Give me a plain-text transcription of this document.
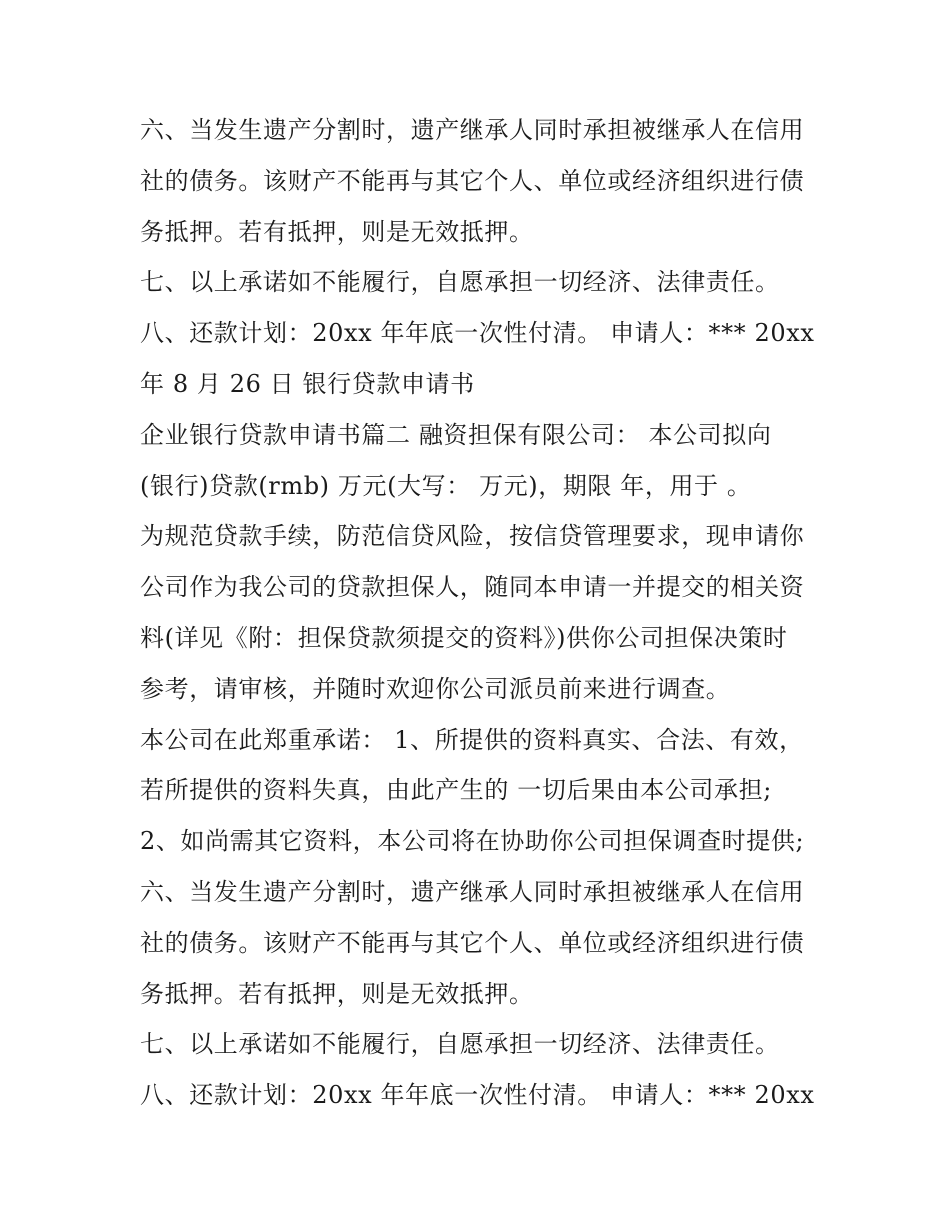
六、当发生遗产分割时，遗产继承人同时承担被继承人在信用
社的债务。该财产不能再与其它个人、单位或经济组织进行债
务抵押。若有抵押，则是无效抵押。
七、以上承诺如不能履行，自愿承担一切经济、法律责任。
八、还款计划：20xx 年年底一次性付清。 申请人：*** 20xx
年 8 月 26 日 银行贷款申请书
企业银行贷款申请书篇二 融资担保有限公司： 本公司拟向
(银行)贷款(rmb) 万元(大写： 万元)，期限 年，用于 。
为规范贷款手续，防范信贷风险，按信贷管理要求，现申请你
公司作为我公司的贷款担保人，随同本申请一并提交的相关资
料(详见《附：担保贷款须提交的资料》)供你公司担保决策时
参考，请审核，并随时欢迎你公司派员前来进行调查。
本公司在此郑重承诺： 1、所提供的资料真实、合法、有效，
若所提供的资料失真，由此产生的 一切后果由本公司承担;
2、如尚需其它资料，本公司将在协助你公司担保调查时提供;
六、当发生遗产分割时，遗产继承人同时承担被继承人在信用
社的债务。该财产不能再与其它个人、单位或经济组织进行债
务抵押。若有抵押，则是无效抵押。
七、以上承诺如不能履行，自愿承担一切经济、法律责任。
八、还款计划：20xx 年年底一次性付清。 申请人：*** 20xx
